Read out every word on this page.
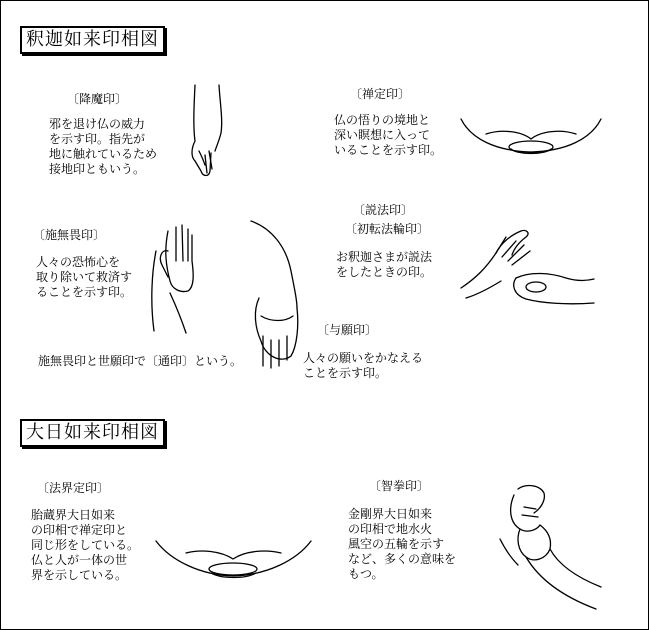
釈迦如来印相図
〔降魔印〕
邪を退け仏の威力
を示す印。指先が
地に触れているため
接地印ともいう。
〔禅定印〕
仏の悟りの境地と
深い瞑想に入って
いることを示す印。
〔説法印〕
〔初転法輪印〕
お釈迦さまが説法
をしたときの印。
〔施無畏印〕
人々の恐怖心を
取り除いて救済す
ることを示す印。
〔与願印〕
人々の願いをかなえる
ことを示す印。
施無畏印と世願印で〔通印〕という。
大日如来印相図
〔法界定印〕
胎蔵界大日如来
の印相で禅定印と
同じ形をしている。
仏と人が一体の世
界を示している。
〔智拳印〕
金剛界大日如来
の印相で地水火
風空の五輪を示す
など、多くの意味を
もつ。
